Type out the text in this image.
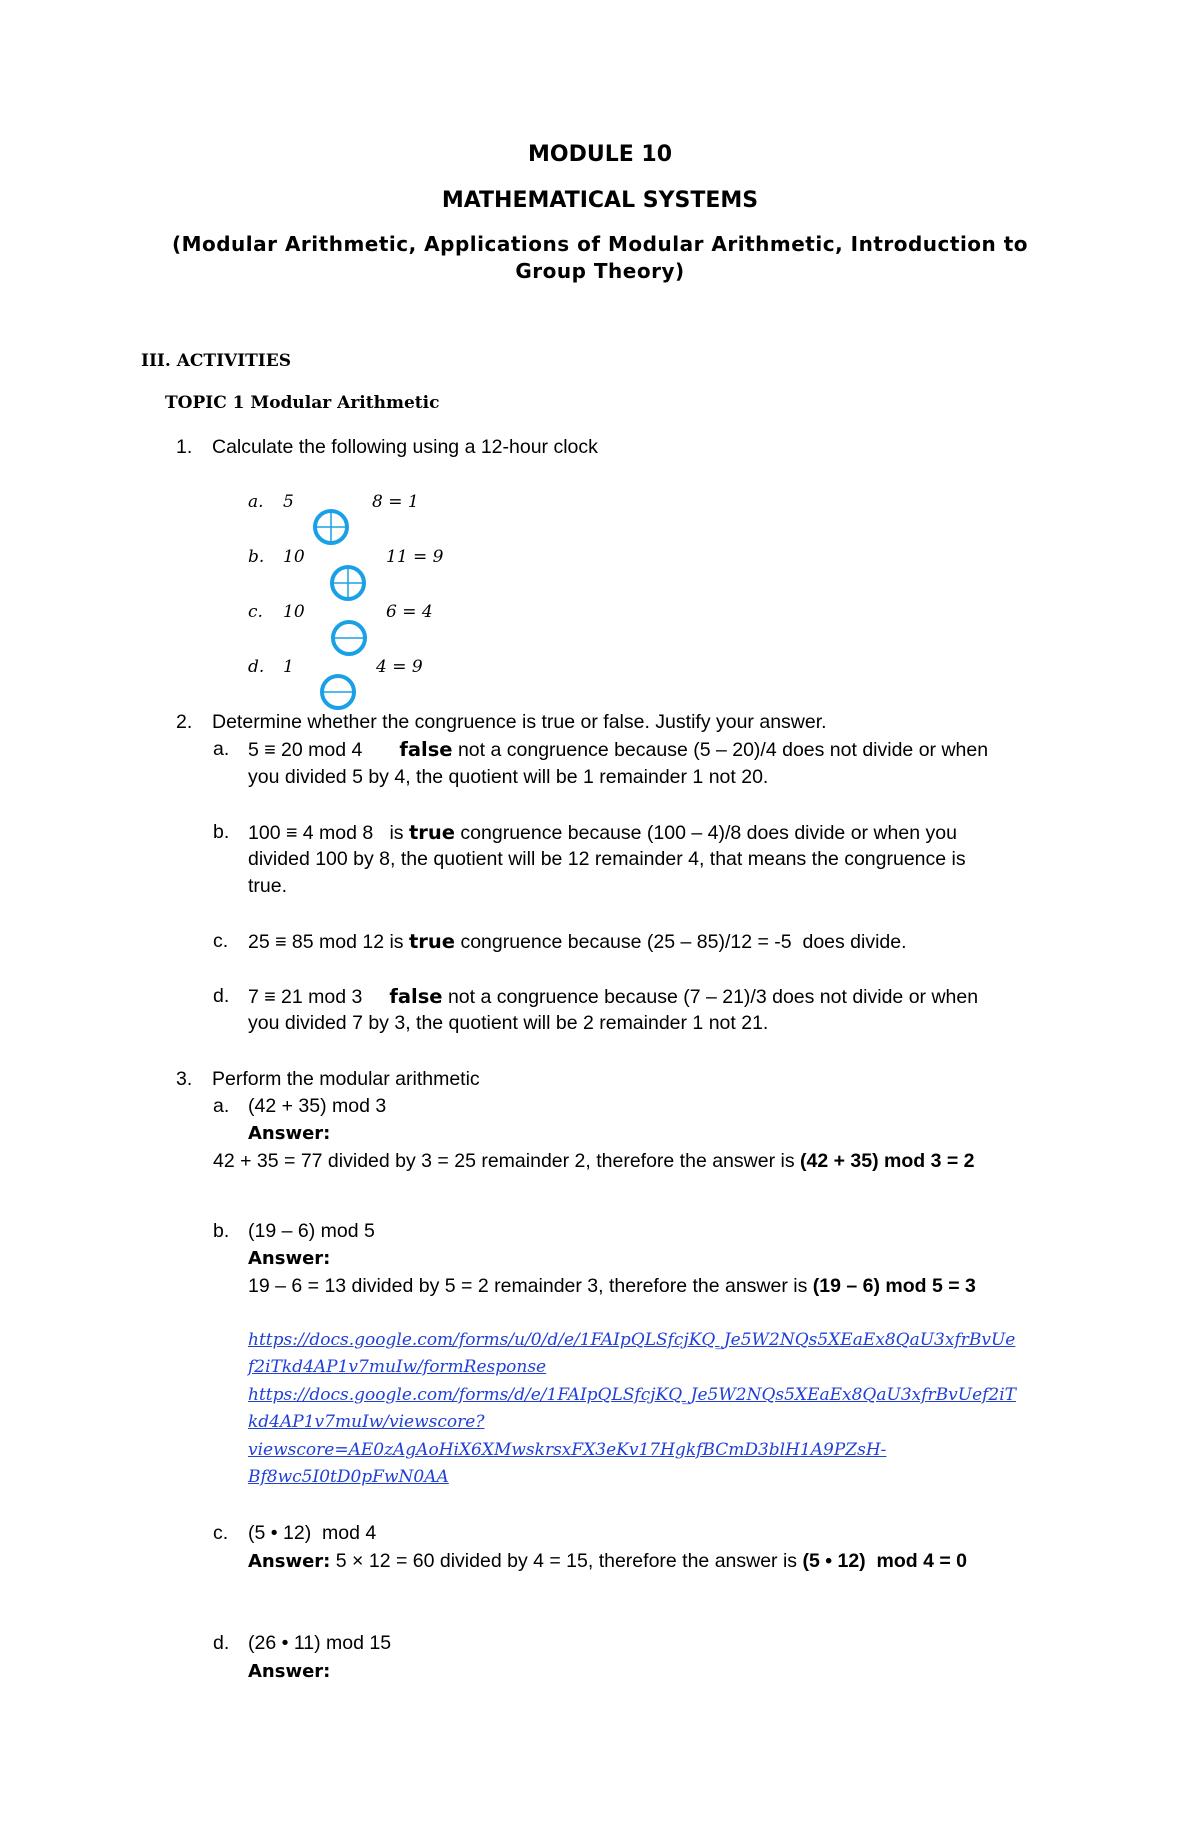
MODULE 10
MATHEMATICAL SYSTEMS
(Modular Arithmetic, Applications of Modular Arithmetic, Introduction to
Group Theory)
III. ACTIVITIES
TOPIC 1 Modular Arithmetic
1. Calculate the following using a 12-hour clock
a. 5	8 = 1
b. 10	11 = 9
c. 10	6 = 4
d. 1	4 = 9
2. Determine whether the congruence is true or false. Justify your answer.
a. 5 ≡ 20 mod 4 false not a congruence because (5 – 20)/4 does not divide or when
you divided 5 by 4, the quotient will be 1 remainder 1 not 20.
b. 100 ≡ 4 mod 8   is true congruence because (100 – 4)/8 does divide or when you
divided 100 by 8, the quotient will be 12 remainder 4, that means the congruence is
true.
c. 25 ≡ 85 mod 12 is true congruence because (25 – 85)/12 = -5  does divide.
d. 7 ≡ 21 mod 3 false not a congruence because (7 – 21)/3 does not divide or when
you divided 7 by 3, the quotient will be 2 remainder 1 not 21.
3. Perform the modular arithmetic
a. (42 + 35) mod 3
Answer:
42 + 35 = 77 divided by 3 = 25 remainder 2, therefore the answer is (42 + 35) mod 3 = 2
b. (19 – 6) mod 5
Answer:
19 – 6 = 13 divided by 5 = 2 remainder 3, therefore the answer is (19 – 6) mod 5 = 3
https://docs.google.com/forms/u/0/d/e/1FAIpQLSfcjKQ_Je5W2NQs5XEaEx8QaU3xfrBvUe
f2iTkd4AP1v7muIw/formResponse
https://docs.google.com/forms/d/e/1FAIpQLSfcjKQ_Je5W2NQs5XEaEx8QaU3xfrBvUef2iT
kd4AP1v7muIw/viewscore?
viewscore=AE0zAgAoHiX6XMwskrsxFX3eKv17HgkfBCmD3blH1A9PZsH-
Bf8wc5I0tD0pFwN0AA
c. (5 • 12)  mod 4
Answer: 5 × 12 = 60 divided by 4 = 15, therefore the answer is (5 • 12)  mod 4 = 0
d. (26 • 11) mod 15
Answer:
